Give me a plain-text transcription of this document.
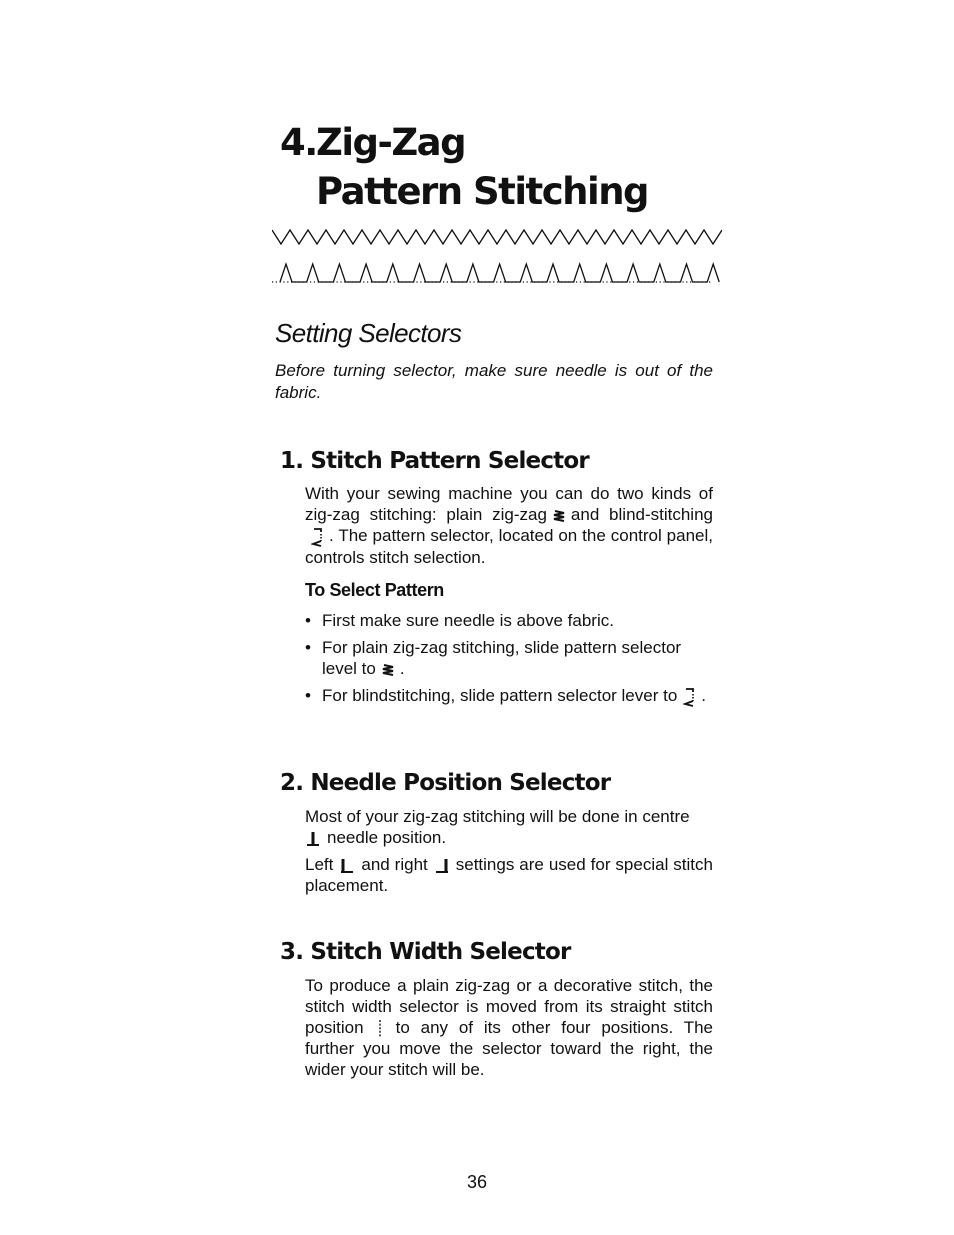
4.Zig-Zag
Pattern Stitching
Setting Selectors

Before turning selector, make sure needle is out of the fabric.

1. Stitch Pattern Selector

With your sewing machine you can do two kinds of zig-zag stitching: plain zig-zag and blind-stitching. The pattern selector, located on the control panel, controls stitch selection.

To Select Pattern
• First make sure needle is above fabric.
• For plain zig-zag stitching, slide pattern selector level to .
• For blindstitching, slide pattern selector lever to .
2. Needle Position Selector

Most of your zig-zag stitching will be done in centre
needle position.

Left and right settings are used for special stitch placement.

3. Stitch Width Selector

To produce a plain zig-zag or a decorative stitch, the stitch width selector is moved from its straight stitch position to any of its other four positions. The further you move the selector toward the right, the wider your stitch will be.

36
